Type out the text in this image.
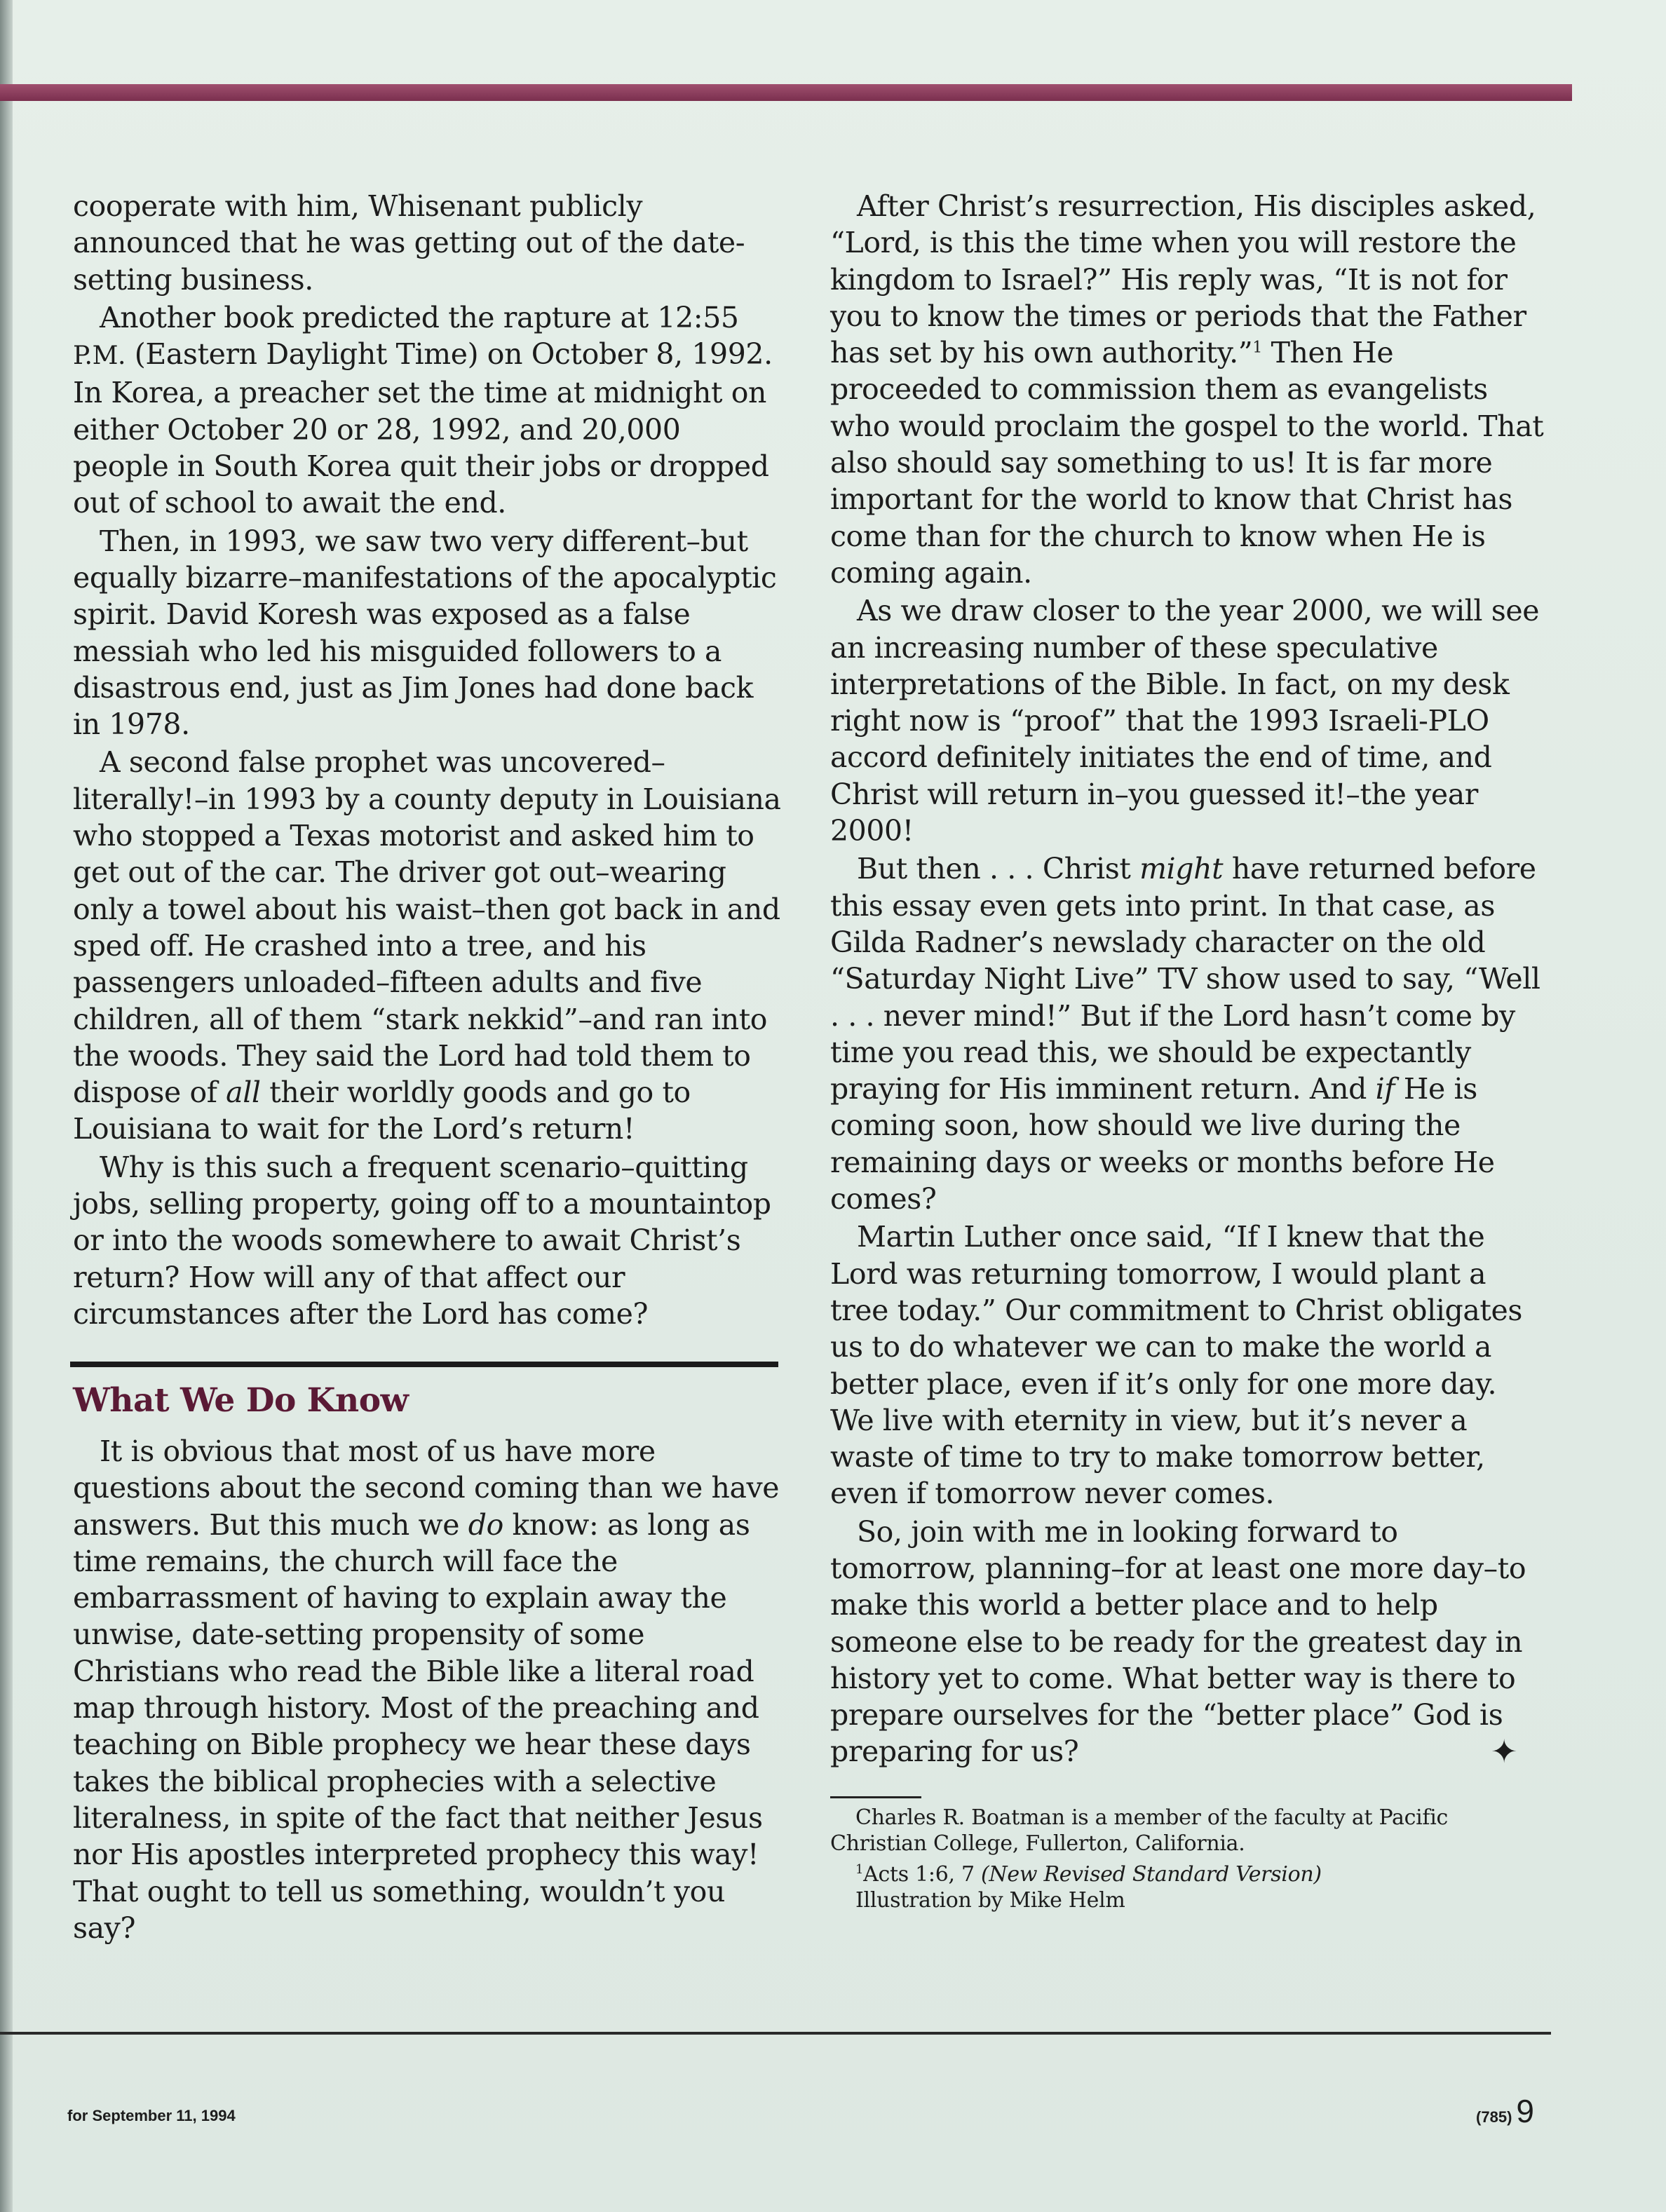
cooperate with him, Whisenant publicly announced that he was getting out of the date-setting business.

Another book predicted the rapture at 12:55 P.M. (Eastern Daylight Time) on October 8, 1992. In Korea, a preacher set the time at midnight on either October 20 or 28, 1992, and 20,000 people in South Korea quit their jobs or dropped out of school to await the end.

Then, in 1993, we saw two very different–but equally bizarre–manifestations of the apocalyptic spirit. David Koresh was exposed as a false messiah who led his misguided followers to a disastrous end, just as Jim Jones had done back in 1978.

A second false prophet was uncovered–literally!–in 1993 by a county deputy in Louisiana who stopped a Texas motorist and asked him to get out of the car. The driver got out–wearing only a towel about his waist–then got back in and sped off. He crashed into a tree, and his passengers unloaded–fifteen adults and five children, all of them “stark nekkid”–and ran into the woods. They said the Lord had told them to dispose of all their worldly goods and go to Louisiana to wait for the Lord’s return!

Why is this such a frequent scenario–quitting jobs, selling property, going off to a mountaintop or into the woods somewhere to await Christ’s return? How will any of that affect our circumstances after the Lord has come?

What We Do Know

It is obvious that most of us have more questions about the second coming than we have answers. But this much we do know: as long as time remains, the church will face the embarrassment of having to explain away the unwise, date-setting propensity of some Christians who read the Bible like a literal road map through history. Most of the preaching and teaching on Bible prophecy we hear these days takes the biblical prophecies with a selective literalness, in spite of the fact that neither Jesus nor His apostles interpreted prophecy this way! That ought to tell us something, wouldn’t you say?

After Christ’s resurrection, His disciples asked, “Lord, is this the time when you will restore the kingdom to Israel?” His reply was, “It is not for you to know the times or periods that the Father has set by his own authority.”$^1$ Then He proceeded to commission them as evangelists who would proclaim the gospel to the world. That also should say something to us! It is far more important for the world to know that Christ has come than for the church to know when He is coming again.

As we draw closer to the year 2000, we will see an increasing number of these speculative interpretations of the Bible. In fact, on my desk right now is “proof” that the 1993 Israeli-PLO accord definitely initiates the end of time, and Christ will return in–you guessed it!–the year 2000!

But then . . . Christ might have returned before this essay even gets into print. In that case, as Gilda Radner’s newslady character on the old “Saturday Night Live” TV show used to say, “Well . . . never mind!” But if the Lord hasn’t come by time you read this, we should be expectantly praying for His imminent return. And if He is coming soon, how should we live during the remaining days or weeks or months before He comes?

Martin Luther once said, “If I knew that the Lord was returning tomorrow, I would plant a tree today.” Our commitment to Christ obligates us to do whatever we can to make the world a better place, even if it’s only for one more day. We live with eternity in view, but it’s never a waste of time to try to make tomorrow better, even if tomorrow never comes.

So, join with me in looking forward to tomorrow, planning–for at least one more day–to make this world a better place and to help someone else to be ready for the greatest day in history yet to come. What better way is there to prepare ourselves for the “better place” God is preparing for us?	✦

Charles R. Boatman is a member of the faculty at Pacific Christian College, Fullerton, California.

$^1$Acts 1:6, 7 (New Revised Standard Version)

Illustration by Mike Helm

for September 11, 1994	(785) 9
